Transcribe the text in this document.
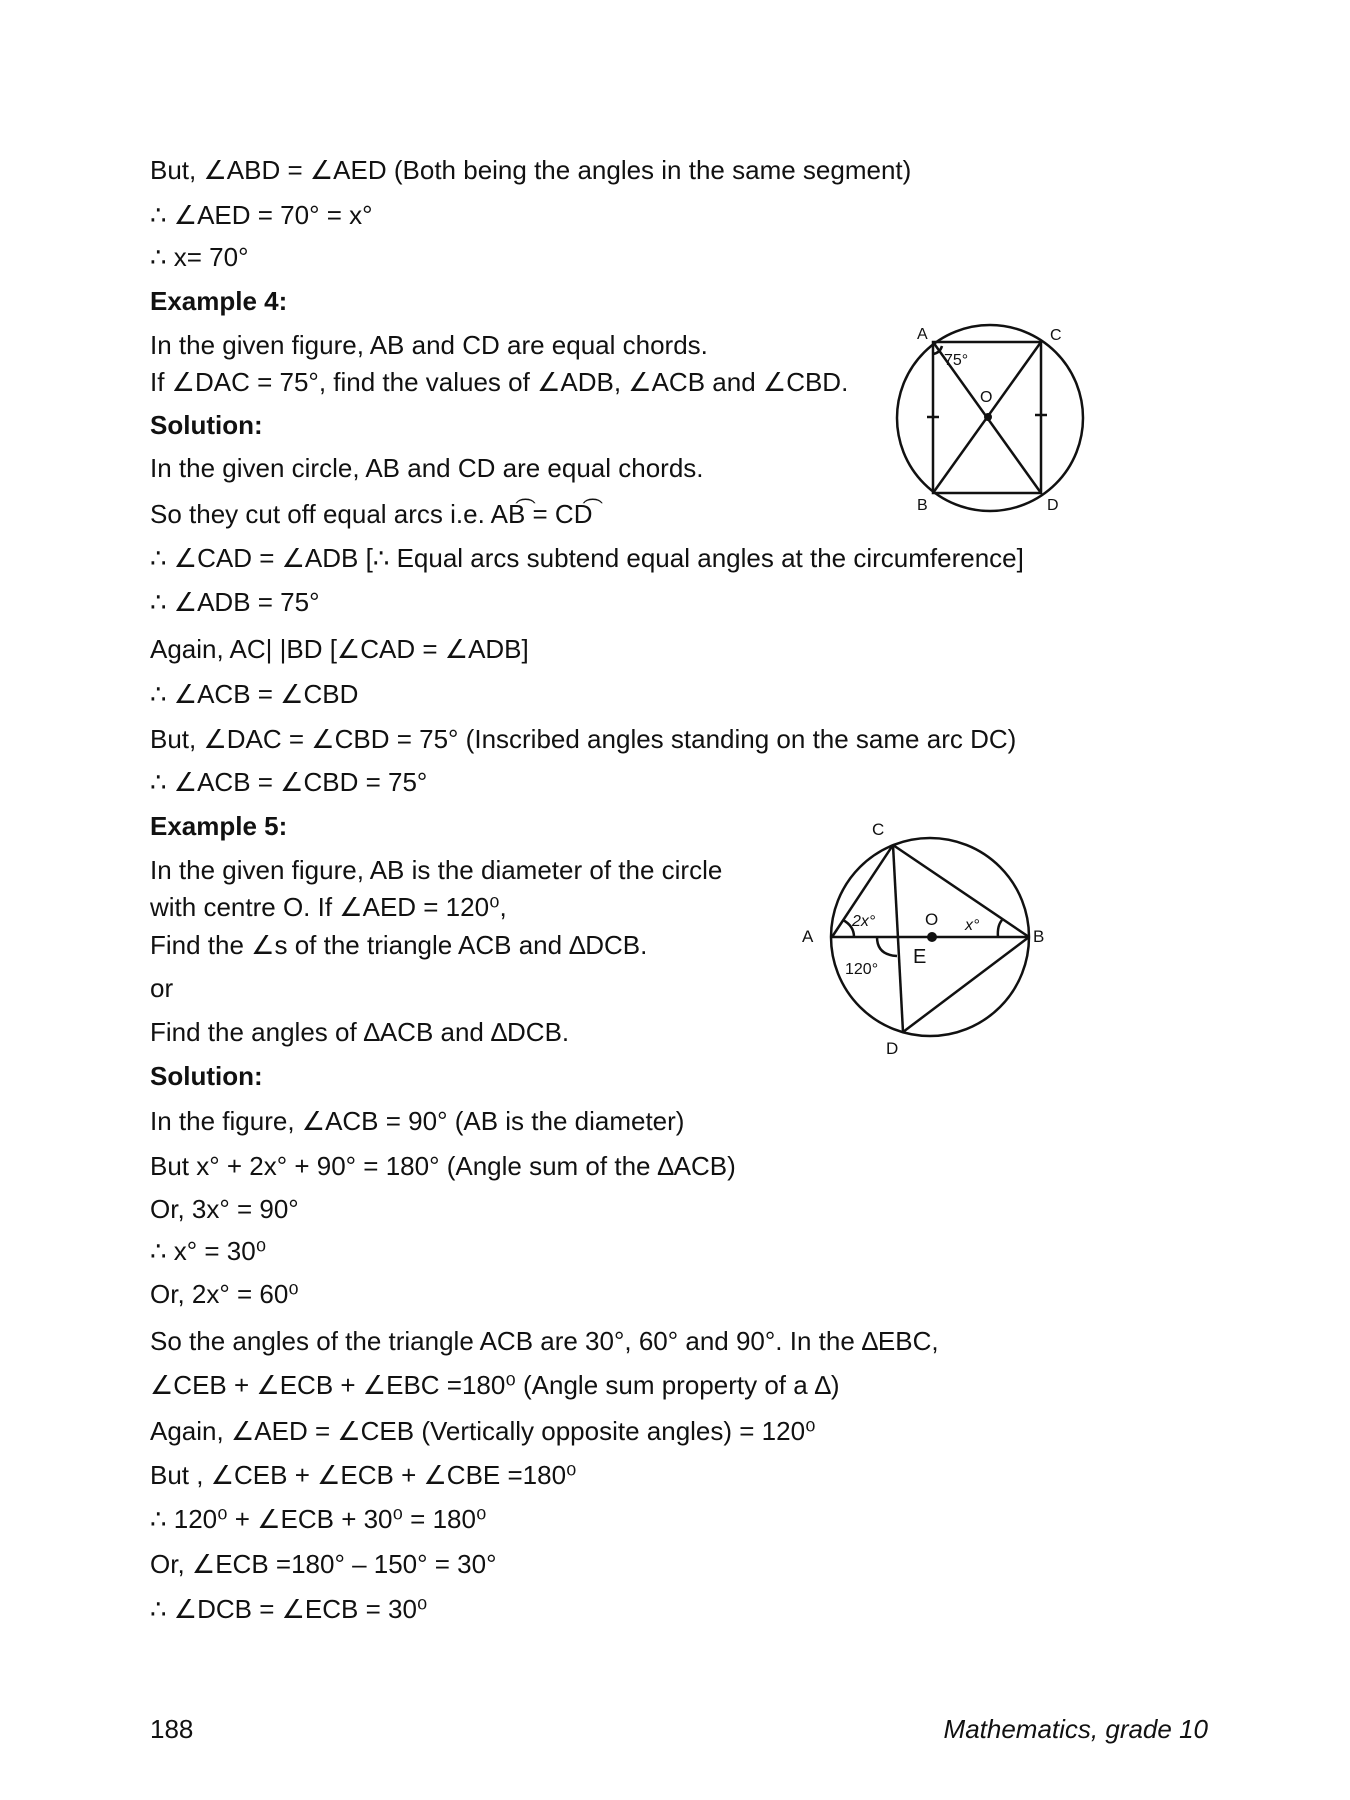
But, ∠ABD = ∠AED (Both being the angles in the same segment)
∴ ∠AED = 70° = x°
∴ x= 70°
Example 4:
In the given figure, AB and CD are equal chords.
If ∠DAC = 75°, find the values of ∠ADB, ∠ACB and ∠CBD.
Solution:
In the given circle, AB and CD are equal chords.
So they cut off equal arcs i.e. AB͡ = CD͡
∴ ∠CAD = ∠ADB [∴ Equal arcs subtend equal angles at the circumference]
∴ ∠ADB = 75°
Again, AC| |BD [∠CAD = ∠ADB]
∴ ∠ACB = ∠CBD
But, ∠DAC = ∠CBD = 75° (Inscribed angles standing on the same arc DC)
∴ ∠ACB = ∠CBD = 75°
Example 5:
In the given figure, AB is the diameter of the circle
with centre O. If ∠AED = 120⁰,
Find the ∠s of the triangle ACB and ∆DCB.
or
Find the angles of ∆ACB and ∆DCB.
Solution:
In the figure, ∠ACB = 90° (AB is the diameter)
But x° + 2x° + 90° = 180° (Angle sum of the ∆ACB)
Or, 3x° = 90°
∴ x° = 30⁰
Or, 2x° = 60⁰
So the angles of the triangle ACB are 30°, 60° and 90°. In the ∆EBC,
∠CEB + ∠ECB + ∠EBC =180⁰ (Angle sum property of a ∆)
Again, ∠AED = ∠CEB (Vertically opposite angles) = 120⁰
But , ∠CEB + ∠ECB + ∠CBE =180⁰
∴ 120⁰ + ∠ECB + 30⁰ = 180⁰
Or, ∠ECB =180° – 150° = 30°
∴ ∠DCB = ∠ECB = 30⁰
A	C
B	D
O
75°
A	B
C
D
O
E
2x°	x°
120°
188	Mathematics, grade 10
